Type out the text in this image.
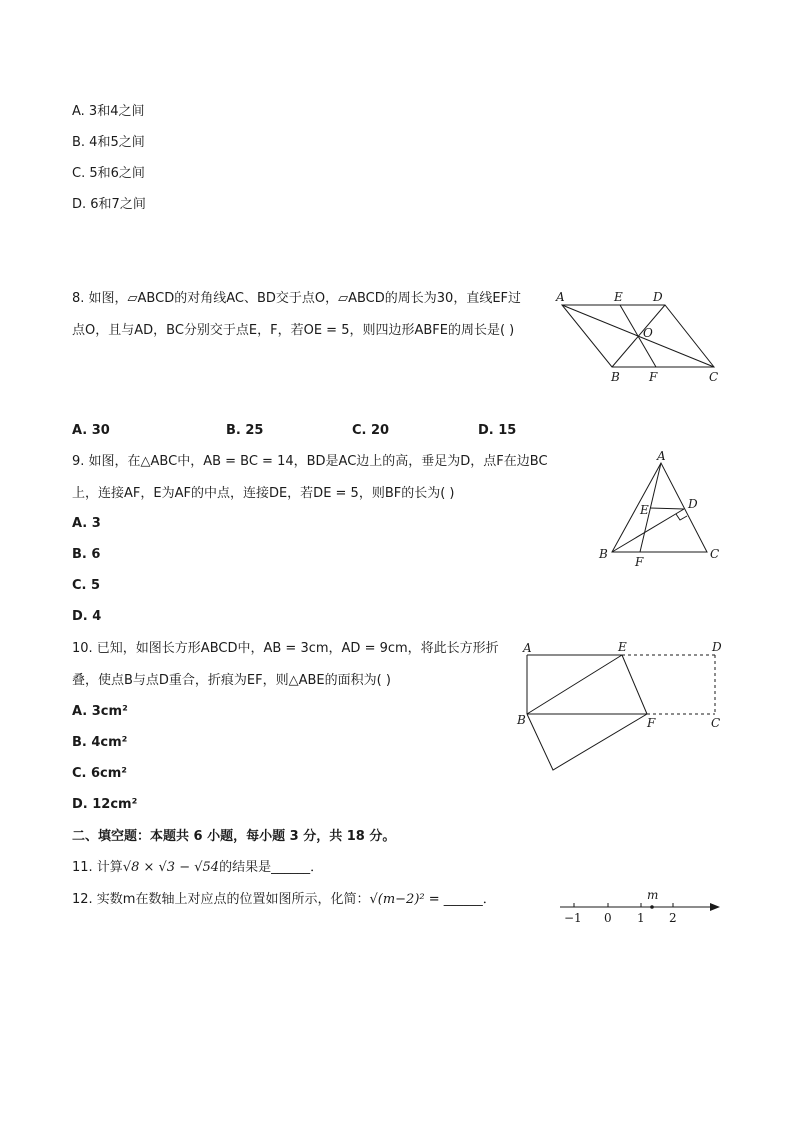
A. 3和4之间
B. 4和5之间
C. 5和6之间
D. 6和7之间
8. 如图，▱ABCD的对角线AC、BD交于点O，▱ABCD的周长为30，直线EF过
点O，且与AD，BC分别交于点E，F，若OE = 5，则四边形ABFE的周长是( )
A	E	D
O
B F	C
A. 30	B. 25	C. 20	D. 15
9. 如图，在△ABC中，AB = BC = 14，BD是AC边上的高，垂足为D，点F在边BC
上，连接AF，E为AF的中点，连接DE，若DE = 5，则BF的长为( )
A
D
E
B
F
C
A. 3
B. 6
C. 5
D. 4
10. 已知，如图长方形ABCD中，AB = 3cm，AD = 9cm，将此长方形折
叠，使点B与点D重合，折痕为EF，则△ABE的面积为( )
A	E	D
B	F	C
A. 3cm²
B. 4cm²
C. 6cm²
D. 12cm²
二、填空题：本题共 6 小题，每小题 3 分，共 18 分。
11. 计算√8 × √3 − √54的结果是______．
12. 实数m在数轴上对应点的位置如图所示，化简：√(m−2)² = ______．
−1 0 1 2
m
